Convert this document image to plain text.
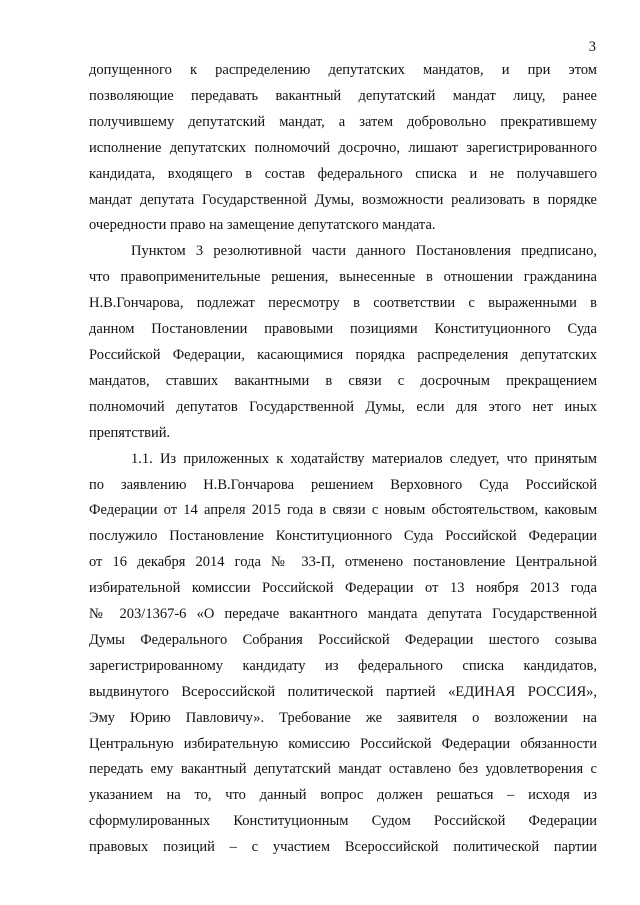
3

допущенного к распределению депутатских мандатов, и при этом

позволяющие передавать вакантный депутатский мандат лицу, ранее

получившему депутатский мандат, а затем добровольно прекратившему

исполнение депутатских полномочий досрочно, лишают зарегистрированного

кандидата, входящего в состав федерального списка и не получавшего

мандат депутата Государственной Думы, возможности реализовать в порядке

очередности право на замещение депутатского мандата.

Пунктом 3 резолютивной части данного Постановления предписано,

что правоприменительные решения, вынесенные в отношении гражданина

Н.В.Гончарова, подлежат пересмотру в соответствии с выраженными в

данном Постановлении правовыми позициями Конституционного Суда

Российской Федерации, касающимися порядка распределения депутатских

мандатов, ставших вакантными в связи с досрочным прекращением

полномочий депутатов Государственной Думы, если для этого нет иных

препятствий.

1.1. Из приложенных к ходатайству материалов следует, что принятым

по заявлению Н.В.Гончарова решением Верховного Суда Российской

Федерации от 14 апреля 2015 года в связи с новым обстоятельством, каковым

послужило Постановление Конституционного Суда Российской Федерации

от 16 декабря 2014 года № 33-П, отменено постановление Центральной

избирательной комиссии Российской Федерации от 13 ноября 2013 года

№ 203/1367-6 «О передаче вакантного мандата депутата Государственной

Думы Федерального Собрания Российской Федерации шестого созыва

зарегистрированному кандидату из федерального списка кандидатов,

выдвинутого Всероссийской политической партией «ЕДИНАЯ РОССИЯ»,

Эму Юрию Павловичу». Требование же заявителя о возложении на

Центральную избирательную комиссию Российской Федерации обязанности

передать ему вакантный депутатский мандат оставлено без удовлетворения с

указанием на то, что данный вопрос должен решаться – исходя из

сформулированных Конституционным Судом Российской Федерации

правовых позиций – с участием Всероссийской политической партии
